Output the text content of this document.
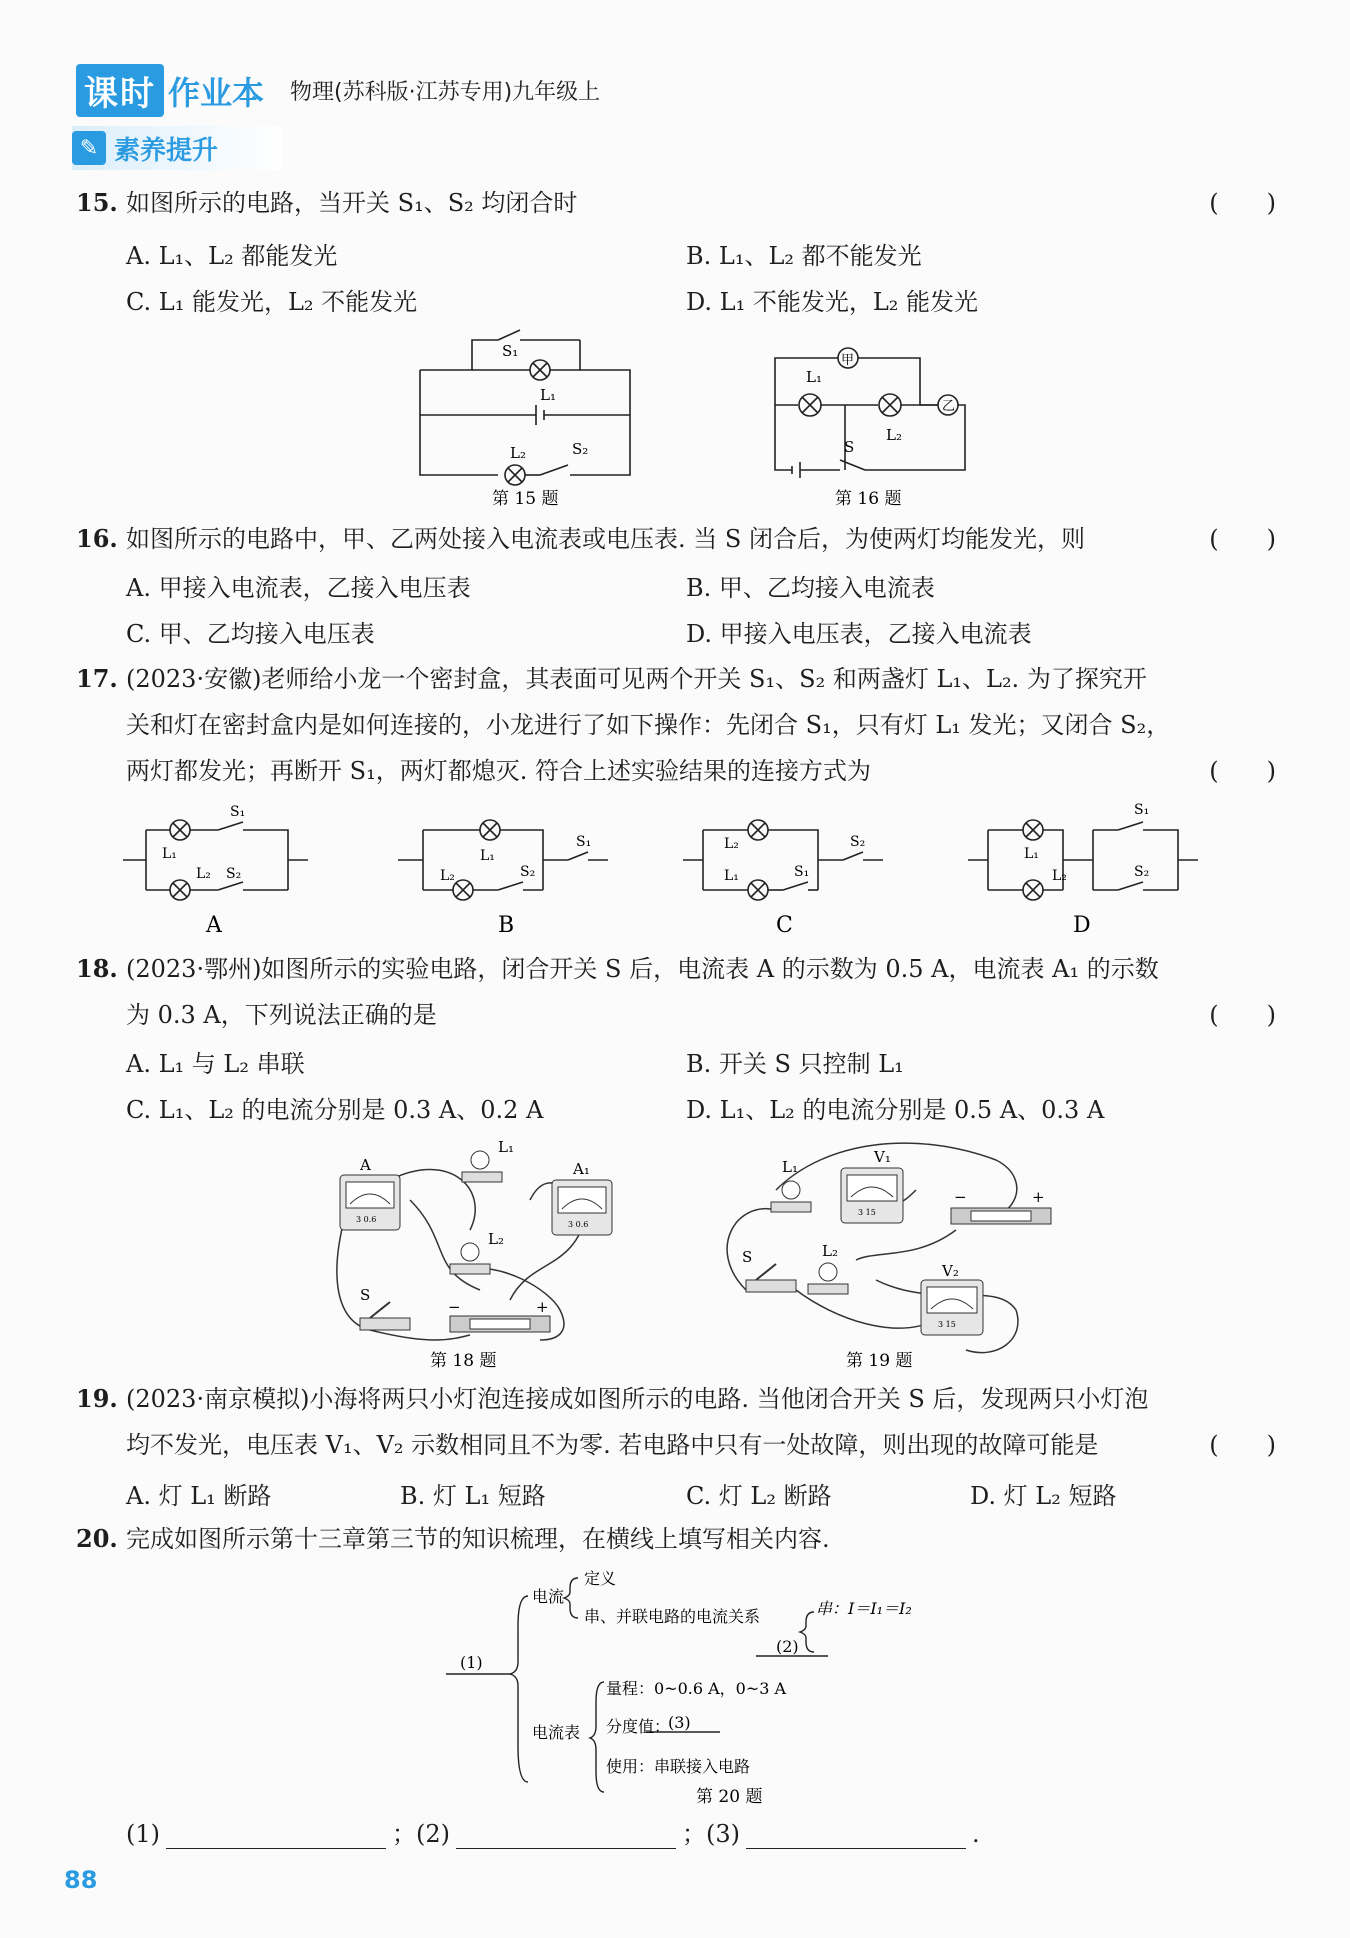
课时 作业本 物理(苏科版·江苏专用)九年级上
✎ 素养提升
15. 如图所示的电路，当开关 S₁、S₂ 均闭合时	(　　)
A. L₁、L₂ 都能发光	B. L₁、L₂ 都不能发光
C. L₁ 能发光，L₂ 不能发光	D. L₁ 不能发光，L₂ 能发光
S₁
L₁
L₂	S₂
第 15 题
甲
乙
L₁
L₂
S
第 16 题
16. 如图所示的电路中，甲、乙两处接入电流表或电压表. 当 S 闭合后，为使两灯均能发光，则	(　　)
A. 甲接入电流表，乙接入电压表	B. 甲、乙均接入电流表
C. 甲、乙均接入电压表	D. 甲接入电压表，乙接入电流表
17. (2023·安徽)老师给小龙一个密封盒，其表面可见两个开关 S₁、S₂ 和两盏灯 L₁、L₂. 为了探究开
关和灯在密封盒内是如何连接的，小龙进行了如下操作：先闭合 S₁，只有灯 L₁ 发光；又闭合 S₂，
两灯都发光；再断开 S₁，两灯都熄灭. 符合上述实验结果的连接方式为	(　　)
S₁
L₁
L₂ S₂
L₁
L₂	S₂
S₁	L₂
L₁	S₁
S₂
L₁
L₂
S₁
S₂
A	B	C	D
18. (2023·鄂州)如图所示的实验电路，闭合开关 S 后，电流表 A 的示数为 0.5 A，电流表 A₁ 的示数
为 0.3 A，下列说法正确的是	(　　)
A. L₁ 与 L₂ 串联	B. 开关 S 只控制 L₁
C. L₁、L₂ 的电流分别是 0.3 A、0.2 A	D. L₁、L₂ 的电流分别是 0.5 A、0.3 A
3 0.6
A
3 0.6
A₁
L₁
L₂
S
−	+
第 18 题
3 15
V₁
3 15
V₂
L₁
L₂
S
−	+
第 19 题
19. (2023·南京模拟)小海将两只小灯泡连接成如图所示的电路. 当他闭合开关 S 后，发现两只小灯泡
均不发光，电压表 V₁、V₂ 示数相同且不为零. 若电路中只有一处故障，则出现的故障可能是	(　　)
A. 灯 L₁ 断路	B. 灯 L₁ 短路	C. 灯 L₂ 断路	D. 灯 L₂ 短路
20. 完成如图所示第十三章第三节的知识梳理，在横线上填写相关内容.
(1)
电流
定义
串、并联电路的电流关系	串：I＝I₁＝I₂
(2)
电流表
量程：0~0.6 A，0~3 A
分度值：
(3)
使用：串联接入电路
第 20 题
(1)	；(2)	；(3)	.
88
